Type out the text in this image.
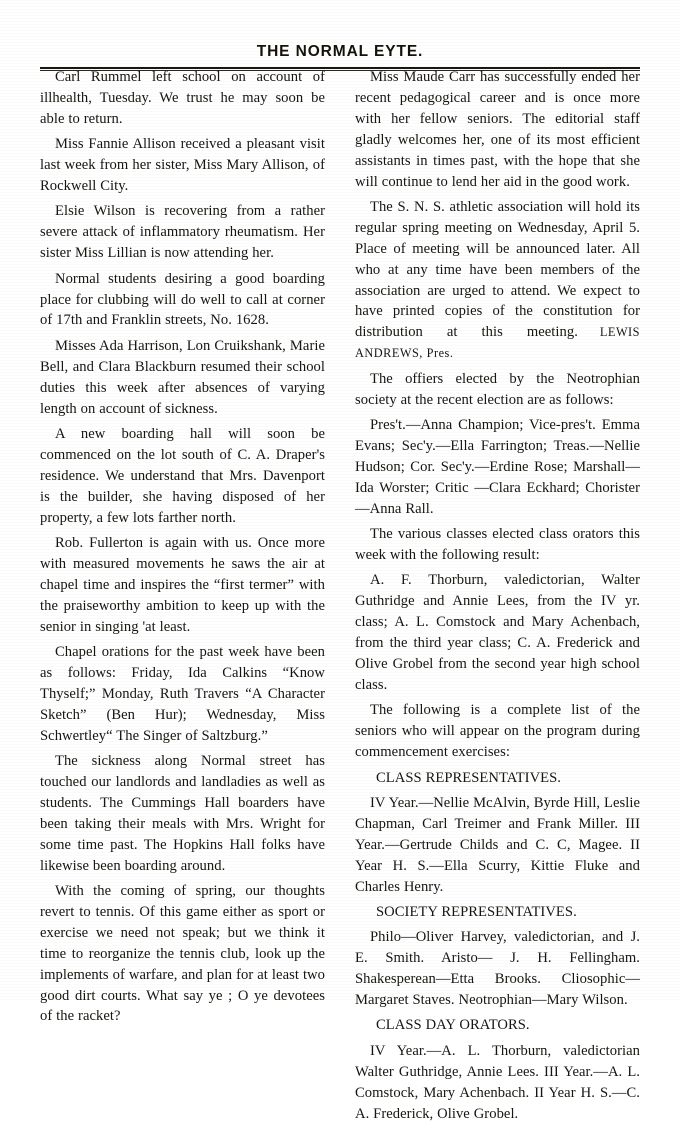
THE NORMAL EYTE.

Carl Rummel left school on account of illhealth, Tuesday. We trust he may soon be able to return.

Miss Fannie Allison received a pleasant visit last week from her sister, Miss Mary Allison, of Rockwell City.

Elsie Wilson is recovering from a rather severe attack of inflammatory rheumatism. Her sister Miss Lillian is now attending her.

Normal students desiring a good boarding place for clubbing will do well to call at corner of 17th and Franklin streets, No. 1628.

Misses Ada Harrison, Lon Cruikshank, Marie Bell, and Clara Blackburn resumed their school duties this week after absences of varying length on account of sickness.

A new boarding hall will soon be commenced on the lot south of C. A. Draper's residence. We understand that Mrs. Davenport is the builder, she having disposed of her property, a few lots farther north.

Rob. Fullerton is again with us. Once more with measured movements he saws the air at chapel time and inspires the “first termer” with the praiseworthy ambition to keep up with the senior in singing 'at least.

Chapel orations for the past week have been as follows: Friday, Ida Calkins “Know Thyself;” Monday, Ruth Travers “A Character Sketch” (Ben Hur); Wednesday, Miss Schwertley“ The Singer of Saltzburg.”

The sickness along Normal street has touched our landlords and landladies as well as students. The Cummings Hall boarders have been taking their meals with Mrs. Wright for some time past. The Hopkins Hall folks have likewise been boarding around.

With the coming of spring, our thoughts revert to tennis. Of this game either as sport or exercise we need not speak; but we think it time to reorganize the tennis club, look up the implements of warfare, and plan for at least two good dirt courts. What say ye ; O ye devotees of the racket?

Miss Maude Carr has successfully ended her recent pedagogical career and is once more with her fellow seniors. The editorial staff gladly welcomes her, one of its most efficient assistants in times past, with the hope that she will continue to lend her aid in the good work.

The S. N. S. athletic association will hold its regular spring meeting on Wednesday, April 5. Place of meeting will be announced later. All who at any time have been members of the association are urged to attend. We expect to have printed copies of the constitution for distribution at this meeting.   LEWIS ANDREWS, Pres.

The offiers elected by the Neotrophian society at the recent election are as follows:

Pres't.—Anna Champion; Vice-pres't. Emma Evans; Sec'y.—Ella Farrington; Treas.—Nellie Hudson; Cor. Sec'y.—Erdine Rose; Marshall—Ida Worster; Critic —Clara Eckhard; Chorister—Anna Rall.

The various classes elected class orators this week with the following result:

A. F. Thorburn, valedictorian, Walter Guthridge and Annie Lees, from the IV yr. class; A. L. Comstock and Mary Achenbach, from the third year class; C. A. Frederick and Olive Grobel from the second year high school class.

The following is a complete list of the seniors who will appear on the program during commencement exercises:

CLASS REPRESENTATIVES.

IV Year.—Nellie McAlvin, Byrde Hill, Leslie Chapman, Carl Treimer and Frank Miller. III Year.—Gertrude Childs and C. C, Magee. II Year H. S.—Ella Scurry, Kittie Fluke and Charles Henry.

SOCIETY REPRESENTATIVES.

Philo—Oliver Harvey, valedictorian, and J. E. Smith. Aristo— J. H. Fellingham. Shakesperean—Etta Brooks. Cliosophic— Margaret Staves. Neotrophian—Mary Wilson.

CLASS DAY ORATORS.

IV Year.—A. L. Thorburn, valedictorian Walter Guthridge, Annie Lees. III Year.—A. L. Comstock, Mary Achenbach. II Year H. S.—C. A. Frederick, Olive Grobel.
